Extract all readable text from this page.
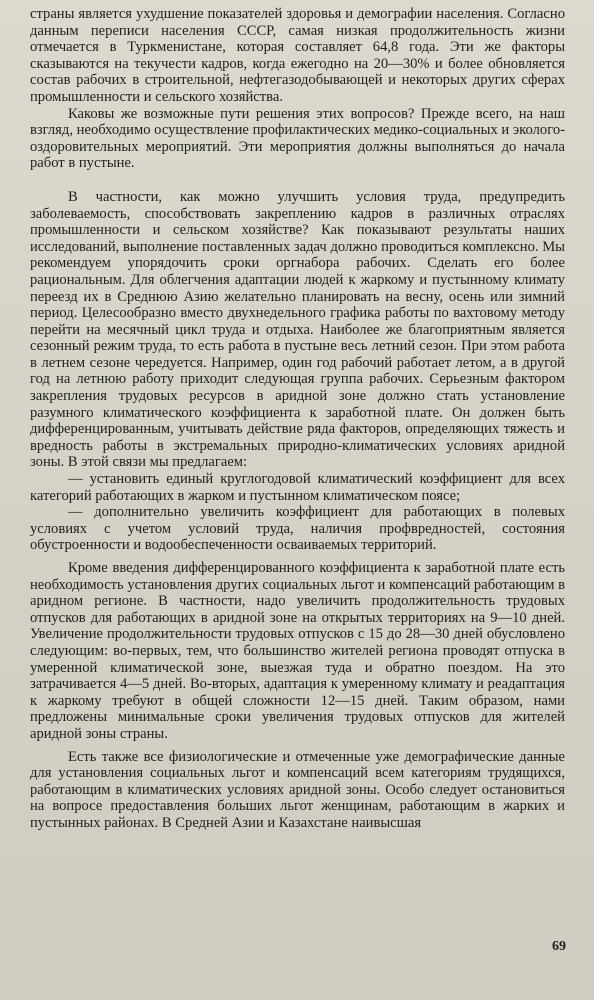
страны является ухудшение показателей здоровья и демографии населения. Согласно данным переписи населения СССР, самая низкая продолжительность жизни отмечается в Туркменистане, которая составляет 64,8 года. Эти же факторы сказываются на текучести кадров, когда ежегодно на 20—30% и более обновляется состав рабочих в строительной, нефтегазодобывающей и некоторых других сферах промышленности и сельского хозяйства.

Каковы же возможные пути решения этих вопросов? Прежде всего, на наш взгляд, необходимо осуществление профилактических медико-социальных и эколого-оздоровительных мероприятий. Эти мероприятия должны выполняться до начала работ в пустыне.

В частности, как можно улучшить условия труда, предупредить заболеваемость, способствовать закреплению кадров в различных отраслях промышленности и сельском хозяйстве? Как показывают результаты наших исследований, выполнение поставленных задач должно проводиться комплексно. Мы рекомендуем упорядочить сроки оргнабора рабочих. Сделать его более рациональным. Для облегчения адаптации людей к жаркому и пустынному климату переезд их в Среднюю Азию желательно планировать на весну, осень или зимний период. Целесообразно вместо двухнедельного графика работы по вахтовому методу перейти на месячный цикл труда и отдыха. Наиболее же благоприятным является сезонный режим труда, то есть работа в пустыне весь летний сезон. При этом работа в летнем сезоне чередуется. Например, один год рабочий работает летом, а в другой год на летнюю работу приходит следующая группа рабочих. Серьезным фактором закрепления трудовых ресурсов в аридной зоне должно стать установление разумного климатического коэффициента к заработной плате. Он должен быть дифференцированным, учитывать действие ряда факторов, определяющих тяжесть и вредность работы в экстремальных природно-климатических условиях аридной зоны. В этой связи мы предлагаем:

— установить единый круглогодовой климатический коэффициент для всех категорий работающих в жарком и пустынном климатическом поясе;

— дополнительно увеличить коэффициент для работающих в полевых условиях с учетом условий труда, наличия профвредностей, состояния обустроенности и водообеспеченности осваиваемых территорий.

Кроме введения дифференцированного коэффициента к заработной плате есть необходимость установления других социальных льгот и компенсаций работающим в аридном регионе. В частности, надо увеличить продолжительность трудовых отпусков для работающих в аридной зоне на открытых территориях на 9—10 дней. Увеличение продолжительности трудовых отпусков с 15 до 28—30 дней обусловлено следующим: во-первых, тем, что большинство жителей региона проводят отпуска в умеренной климатической зоне, выезжая туда и обратно поездом. На это затрачивается 4—5 дней. Во-вторых, адаптация к умеренному климату и реадаптация к жаркому требуют в общей сложности 12—15 дней. Таким образом, нами предложены минимальные сроки увеличения трудовых отпусков для жителей аридной зоны страны.

Есть также все физиологические и отмеченные уже демографические данные для установления социальных льгот и компенсаций всем категориям трудящихся, работающим в климатических условиях аридной зоны. Особо следует остановиться на вопросе предоставления больших льгот женщинам, работающим в жарких и пустынных районах. В Средней Азии и Казахстане наивысшая

69
